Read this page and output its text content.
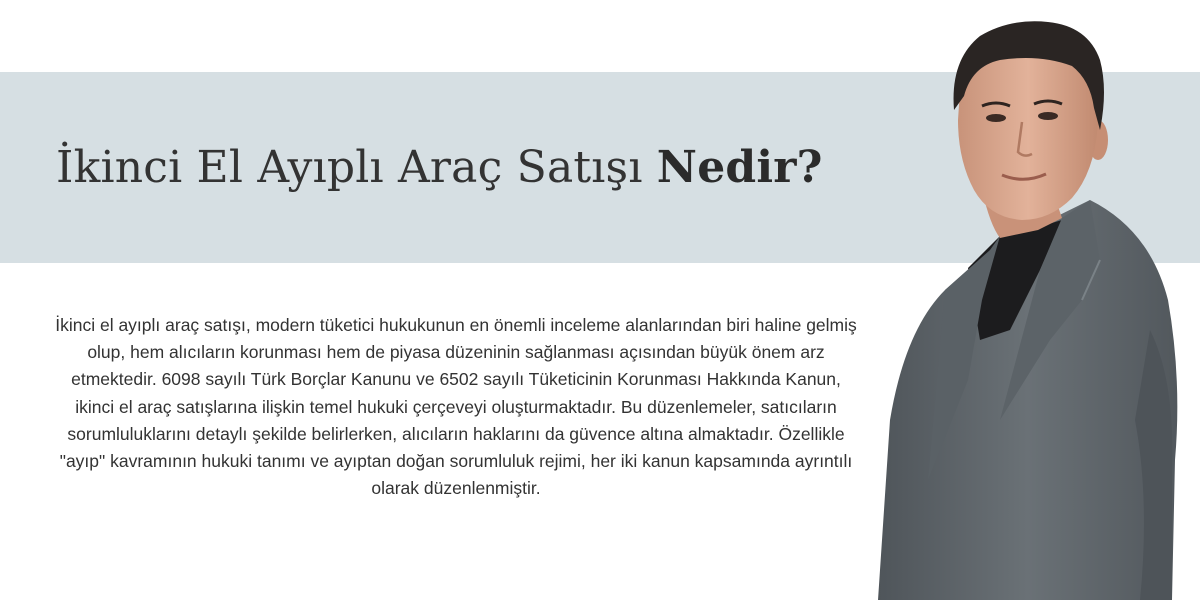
İkinci El Ayıplı Araç Satışı Nedir?

İkinci el ayıplı araç satışı, modern tüketici hukukunun en önemli inceleme alanlarından biri haline gelmiş olup, hem alıcıların korunması hem de piyasa düzeninin sağlanması açısından büyük önem arz etmektedir. 6098 sayılı Türk Borçlar Kanunu ve 6502 sayılı Tüketicinin Korunması Hakkında Kanun, ikinci el araç satışlarına ilişkin temel hukuki çerçeveyi oluşturmaktadır. Bu düzenlemeler, satıcıların sorumluluklarını detaylı şekilde belirlerken, alıcıların haklarını da güvence altına almaktadır. Özellikle "ayıp" kavramının hukuki tanımı ve ayıptan doğan sorumluluk rejimi, her iki kanun kapsamında ayrıntılı olarak düzenlenmiştir.
